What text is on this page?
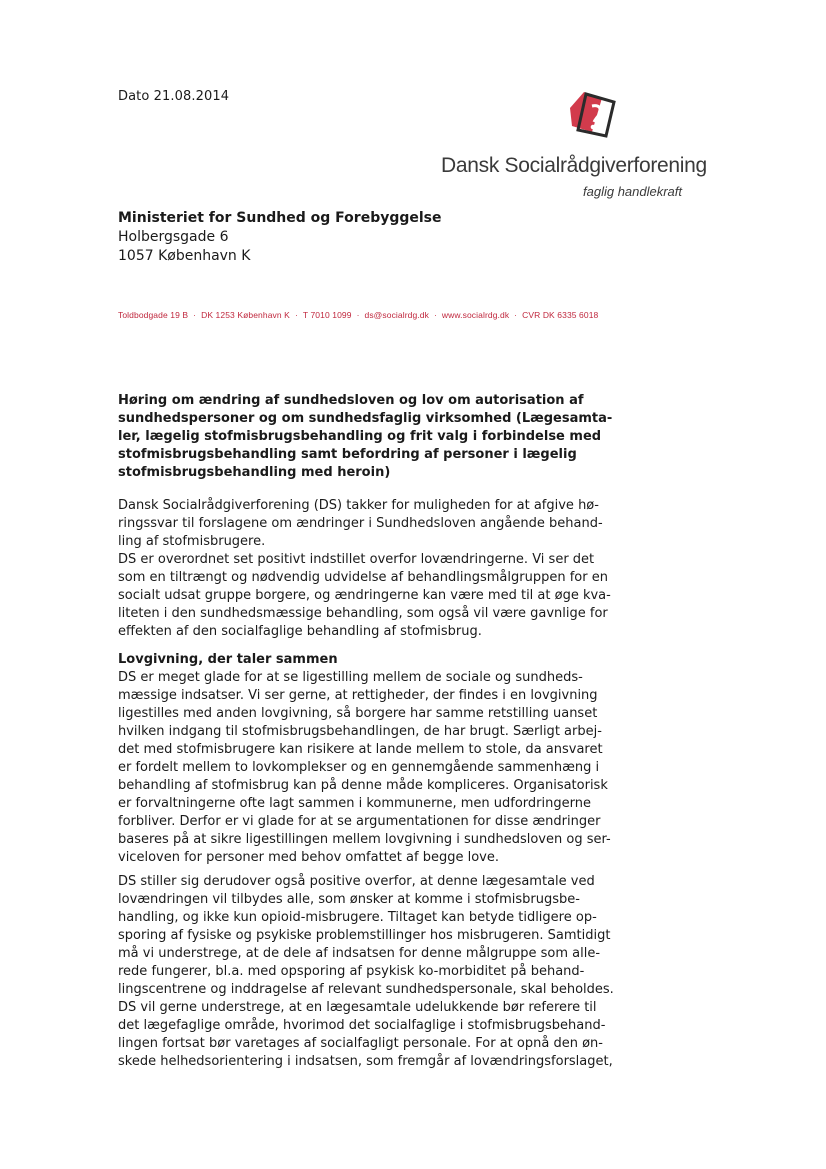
Dato 21.08.2014
Dansk Socialrådgiverforening
faglig handlekraft
Ministeriet for Sundhed og Forebyggelse
Holbergsgade 6
1057 København K
Toldbodgade 19 B · DK 1253 København K · T 7010 1099 · ds@socialrdg.dk · www.socialrdg.dk · CVR DK 6335 6018
Høring om ændring af sundhedsloven og lov om autorisation af
sundhedspersoner og om sundhedsfaglig virksomhed (Lægesamta-
ler, lægelig stofmisbrugsbehandling og frit valg i forbindelse med
stofmisbrugsbehandling samt befordring af personer i lægelig
stofmisbrugsbehandling med heroin)
Dansk Socialrådgiverforening (DS) takker for muligheden for at afgive hø-
ringssvar til forslagene om ændringer i Sundhedsloven angående behand-
ling af stofmisbrugere.
DS er overordnet set positivt indstillet overfor lovændringerne. Vi ser det
som en tiltrængt og nødvendig udvidelse af behandlingsmålgruppen for en
socialt udsat gruppe borgere, og ændringerne kan være med til at øge kva-
liteten i den sundhedsmæssige behandling, som også vil være gavnlige for
effekten af den socialfaglige behandling af stofmisbrug.
Lovgivning, der taler sammen
DS er meget glade for at se ligestilling mellem de sociale og sundheds-
mæssige indsatser. Vi ser gerne, at rettigheder, der findes i en lovgivning
ligestilles med anden lovgivning, så borgere har samme retstilling uanset
hvilken indgang til stofmisbrugsbehandlingen, de har brugt. Særligt arbej-
det med stofmisbrugere kan risikere at lande mellem to stole, da ansvaret
er fordelt mellem to lovkomplekser og en gennemgående sammenhæng i
behandling af stofmisbrug kan på denne måde kompliceres. Organisatorisk
er forvaltningerne ofte lagt sammen i kommunerne, men udfordringerne
forbliver. Derfor er vi glade for at se argumentationen for disse ændringer
baseres på at sikre ligestillingen mellem lovgivning i sundhedsloven og ser-
viceloven for personer med behov omfattet af begge love.
DS stiller sig derudover også positive overfor, at denne lægesamtale ved
lovændringen vil tilbydes alle, som ønsker at komme i stofmisbrugsbe-
handling, og ikke kun opioid-misbrugere. Tiltaget kan betyde tidligere op-
sporing af fysiske og psykiske problemstillinger hos misbrugeren. Samtidigt
må vi understrege, at de dele af indsatsen for denne målgruppe som alle-
rede fungerer, bl.a. med opsporing af psykisk ko-morbiditet på behand-
lingscentrene og inddragelse af relevant sundhedspersonale, skal beholdes.
DS vil gerne understrege, at en lægesamtale udelukkende bør referere til
det lægefaglige område, hvorimod det socialfaglige i stofmisbrugsbehand-
lingen fortsat bør varetages af socialfagligt personale. For at opnå den øn-
skede helhedsorientering i indsatsen, som fremgår af lovændringsforslaget,
